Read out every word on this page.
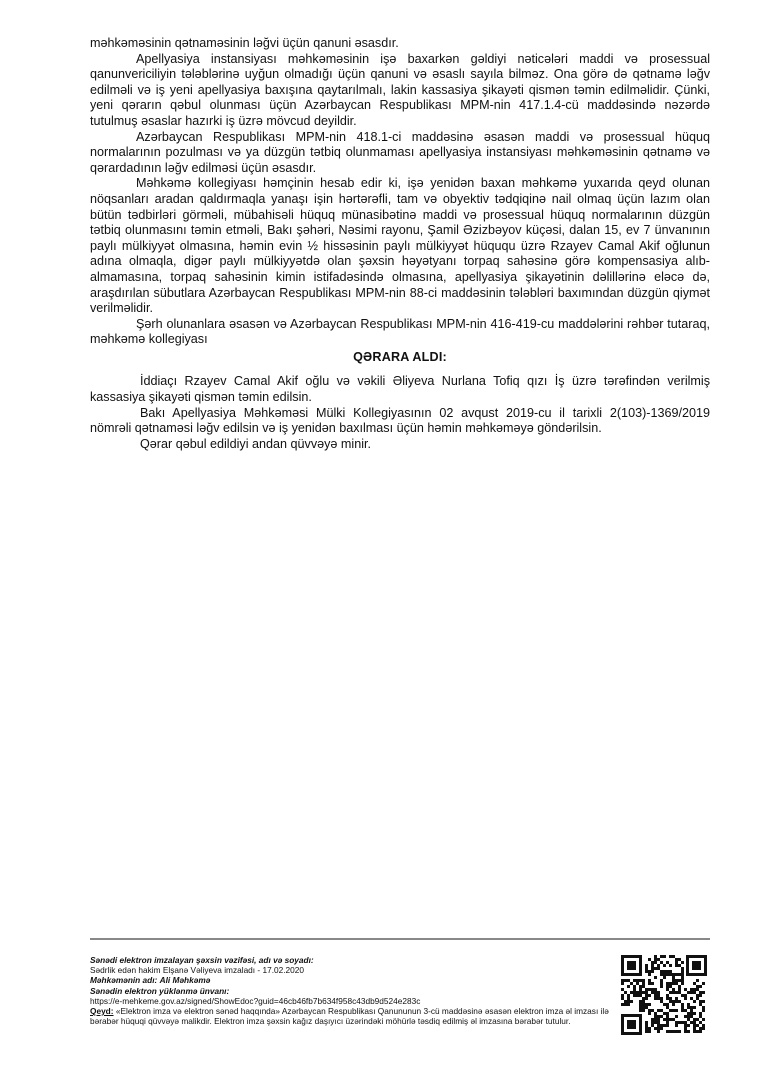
məhkəməsinin qətnaməsinin ləğvi üçün qanuni əsasdır.

Apellyasiya instansiyası məhkəməsinin işə baxarkən gəldiyi nəticələri maddi və prosessual qanunvericiliyin tələblərinə uyğun olmadığı üçün qanuni və əsaslı sayıla bilməz. Ona görə də qətnamə ləğv edilməli və iş yeni apellyasiya baxışına qaytarılmalı, lakin kassasiya şikayəti qismən təmin edilməlidir. Çünki, yeni qərarın qəbul olunması üçün Azərbaycan Respublikası MPM-nin 417.1.4-cü maddəsində nəzərdə tutulmuş əsaslar hazırki iş üzrə mövcud deyildir.

Azərbaycan Respublikası MPM-nin 418.1-ci maddəsinə əsasən maddi və prosessual hüquq normalarının pozulması və ya düzgün tətbiq olunmaması apellyasiya instansiyası məhkəməsinin qətnamə və qərardadının ləğv edilməsi üçün əsasdır.

Məhkəmə kollegiyası həmçinin hesab edir ki, işə yenidən baxan məhkəmə yuxarıda qeyd olunan nöqsanları aradan qaldırmaqla yanaşı işin hərtərəfli, tam və obyektiv tədqiqinə nail olmaq üçün lazım olan bütün tədbirləri görməli, mübahisəli hüquq münasibətinə maddi və prosessual hüquq normalarının düzgün tətbiq olunmasını təmin etməli, Bakı şəhəri, Nəsimi rayonu, Şamil Əzizbəyov küçəsi, dalan 15, ev 7 ünvanının paylı mülkiyyət olmasına, həmin evin ½ hissəsinin paylı mülkiyyət hüququ üzrə Rzayev Camal Akif oğlunun adına olmaqla, digər paylı mülkiyyətdə olan şəxsin həyətyanı torpaq sahəsinə görə kompensasiya alıb-almamasına, torpaq sahəsinin kimin istifadəsində olmasına, apellyasiya şikayətinin dəlillərinə eləcə də, araşdırılan sübutlara Azərbaycan Respublikası MPM-nin 88-ci maddəsinin tələbləri baxımından düzgün qiymət verilməlidir.

Şərh olunanlara əsasən və Azərbaycan Respublikası MPM-nin 416-419-cu maddələrini rəhbər tutaraq, məhkəmə kollegiyası

QƏRARA ALDI:

İddiaçı Rzayev Camal Akif oğlu və vəkili Əliyeva Nurlana Tofiq qızı İş üzrə tərəfindən verilmiş kassasiya şikayəti qismən təmin edilsin.

Bakı Apellyasiya Məhkəməsi Mülki Kollegiyasının 02 avqust 2019-cu il tarixli 2(103)-1369/2019 nömrəli qətnaməsi ləğv edilsin və iş yenidən baxılması üçün həmin məhkəməyə göndərilsin.

Qərar qəbul edildiyi andan qüvvəyə minir.

Sənədi elektron imzalayan şəxsin vəzifəsi, adı və soyadı:
Sədrlik edən hakim Elşanə Vəliyeva imzaladı - 17.02.2020
Məhkəmənin adı: Ali Məhkəmə
Sənədin elektron yüklənmə ünvanı:
https://e-mehkeme.gov.az/signed/ShowEdoc?guid=46cb46fb7b634f958c43db9d524e283c
Qeyd: «Elektron imza və elektron sənəd haqqında» Azərbaycan Respublikası Qanununun 3-cü maddəsinə əsasən elektron imza əl imzası ilə bərabər hüquqi qüvvəyə malikdir. Elektron imza şəxsin kağız daşıyıcı üzərindəki möhürlə təsdiq edilmiş əl imzasına bərabər tutulur.
